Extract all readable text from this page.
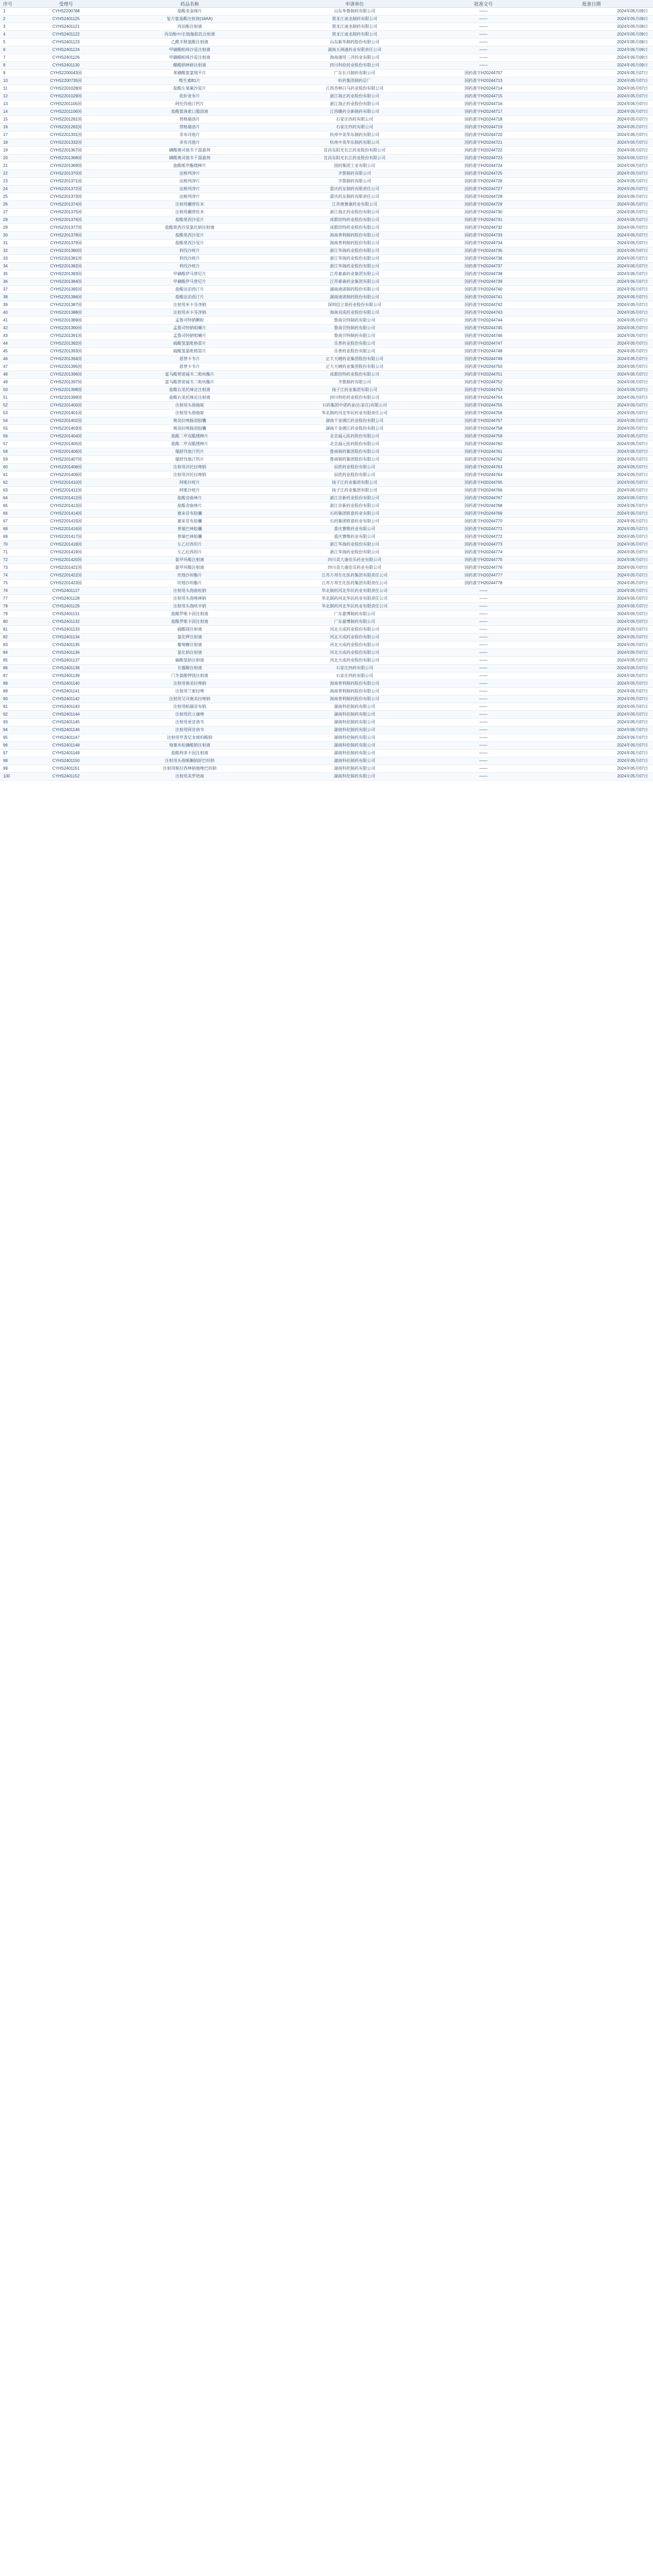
序号	受理号	药品名称	申请单位	批准文号	批准日期
1	CYHS2200788	盐酸美金刚片	山东华鲁制药有限公司	——	2024年05月09日
2	CYHS2401125	复方氨基酸注射液(18AA)	黑龙江迪龙制药有限公司	——	2024年05月09日
3	CYHS2401121	丙泊酚注射液	黑龙江迪龙制药有限公司	——	2024年05月09日
4	CYHS2401122	丙泊酚中/长链脂肪乳注射液	黑龙江迪龙制药有限公司	——	2024年05月09日
5	CYHS2401123	乙酰半胱氨酸注射液	山东新华制药股份有限公司	——	2024年05月09日
6	CYHS2401124	甲磺酸帕珠沙星注射液	湖南五洲通药业有限责任公司	——	2024年05月09日
7	CYHS2401126	甲磺酸帕珠沙星注射液	海南通用三洋药业有限公司	——	2024年05月09日
8	CYHS2401130	醋酸钠林格注射液	四川科伦药业股份有限公司	——	2024年05月09日
9	CYHS2200043国	苯磺酸氨氯地平片	广东长兴制药有限公司	国药准字H20244707	2024年05月07日
10	CYHS2200735国	维生素B1片	哈药集团制药总厂	国药准字H20244713	2024年05月07日
11	CYHS2201028国	盐酸左氧氟沙星片	江西杏林白马药业股份有限公司	国药准字H20244714	2024年05月07日
12	CYHS2201029国	依折麦布片	浙江海正药业股份有限公司	国药准字H20244715	2024年05月07日
13	CYHS2201105国	阿托伐他汀钙片	浙江海正药业股份有限公司	国药准字H20244716	2024年05月07日
14	CYHS2201106国	盐酸氨溴索口服溶液	江西赣药全新制药有限公司	国药准字H20244717	2024年05月07日
15	CYHS2201281国	替格瑞洛片	石家庄四药有限公司	国药准字H20244718	2024年05月07日
16	CYHS2201282国	替格瑞洛片	石家庄四药有限公司	国药准字H20244719	2024年05月07日
17	CYHS2201331国	非布司他片	杭州中美华东制药有限公司	国药准字H20244720	2024年05月07日
18	CYHS2201332国	非布司他片	杭州中美华东制药有限公司	国药准字H20244721	2024年05月07日
19	CYHS2201367国	磷酸奥司他韦干混悬剂	宜昌东阳光长江药业股份有限公司	国药准字H20244722	2024年05月07日
20	CYHS2201368国	磷酸奥司他韦干混悬剂	宜昌东阳光长江药业股份有限公司	国药准字H20244723	2024年05月07日
21	CYHS2201369国	盐酸哌甲酯缓释片	国药集团工业有限公司	国药准字H20244724	2024年05月07日
22	CYHS2201370国	达格列净片	齐鲁制药有限公司	国药准字H20244725	2024年05月07日
23	CYHS2201371国	达格列净片	齐鲁制药有限公司	国药准字H20244726	2024年05月07日
24	CYHS2201372国	达格列净片	重庆药友制药有限责任公司	国药准字H20244727	2024年05月07日
25	CYHS2201373国	达格列净片	重庆药友制药有限责任公司	国药准字H20244728	2024年05月07日
26	CYHS2201374国	注射用硼替佐米	江苏奥赛康药业有限公司	国药准字H20244729	2024年05月07日
27	CYHS2201375国	注射用硼替佐米	浙江海正药业股份有限公司	国药准字H20244730	2024年05月07日
28	CYHS2201376国	盐酸莫西沙星片	成都倍特药业股份有限公司	国药准字H20244731	2024年05月07日
29	CYHS2201377国	盐酸莫西沙星氯化钠注射液	成都倍特药业股份有限公司	国药准字H20244732	2024年05月07日
30	CYHS2201378国	盐酸莫西沙星片	海南普利制药股份有限公司	国药准字H20244733	2024年05月07日
31	CYHS2201379国	盐酸莫西沙星片	海南普利制药股份有限公司	国药准字H20244734	2024年05月07日
32	CYHS2201380国	利伐沙班片	浙江华海药业股份有限公司	国药准字H20244735	2024年05月07日
33	CYHS2201381国	利伐沙班片	浙江华海药业股份有限公司	国药准字H20244736	2024年05月07日
34	CYHS2201382国	利伐沙班片	浙江华海药业股份有限公司	国药准字H20244737	2024年05月07日
35	CYHS2201383国	甲磺酸伊马替尼片	江苏豪森药业集团有限公司	国药准字H20244738	2024年05月07日
36	CYHS2201384国	甲磺酸伊马替尼片	江苏豪森药业集团有限公司	国药准字H20244739	2024年05月07日
37	CYHS2201385国	盐酸达泊西汀片	湖南迪诺制药股份有限公司	国药准字H20244740	2024年05月07日
38	CYHS2201386国	盐酸达泊西汀片	湖南迪诺制药股份有限公司	国药准字H20244741	2024年05月07日
39	CYHS2201387国	注射用米卡芬净钠	深圳信立泰药业股份有限公司	国药准字H20244742	2024年05月07日
40	CYHS2201388国	注射用米卡芬净钠	海南双成药业股份有限公司	国药准字H20244743	2024年05月07日
41	CYHS2201389国	孟鲁司特钠颗粒	鲁南贝特制药有限公司	国药准字H20244744	2024年05月07日
42	CYHS2201390国	孟鲁司特钠咀嚼片	鲁南贝特制药有限公司	国药准字H20244745	2024年05月07日
43	CYHS2201391国	孟鲁司特钠咀嚼片	鲁南贝特制药有限公司	国药准字H20244746	2024年05月07日
44	CYHS2201392国	硫酸氢氯吡格雷片	乐普药业股份有限公司	国药准字H20244747	2024年05月07日
45	CYHS2201393国	硫酸氢氯吡格雷片	乐普药业股份有限公司	国药准字H20244748	2024年05月07日
46	CYHS2201394国	恩替卡韦片	正大天晴药业集团股份有限公司	国药准字H20244749	2024年05月07日
47	CYHS2201395国	恩替卡韦片	正大天晴药业集团股份有限公司	国药准字H20244750	2024年05月07日
48	CYHS2201396国	富马酸替诺福韦二吡呋酯片	成都倍特药业股份有限公司	国药准字H20244751	2024年05月07日
49	CYHS2201397国	富马酸替诺福韦二吡呋酯片	齐鲁制药有限公司	国药准字H20244752	2024年05月07日
50	CYHS2201398国	盐酸右美托咪定注射液	扬子江药业集团有限公司	国药准字H20244753	2024年05月07日
51	CYHS2201399国	盐酸右美托咪定注射液	四川科伦药业股份有限公司	国药准字H20244754	2024年05月07日
52	CYHS2201400国	注射用头孢他啶	石药集团中诺药业(石家庄)有限公司	国药准字H20244755	2024年05月07日
53	CYHS2201401国	注射用头孢他啶	华北制药河北华民药业有限责任公司	国药准字H20244756	2024年05月07日
54	CYHS2201402国	奥美拉唑肠溶胶囊	湖南千金湘江药业股份有限公司	国药准字H20244757	2024年05月07日
55	CYHS2201403国	奥美拉唑肠溶胶囊	湖南千金湘江药业股份有限公司	国药准字H20244758	2024年05月07日
56	CYHS2201404国	盐酸二甲双胍缓释片	北京福元医药股份有限公司	国药准字H20244759	2024年05月07日
57	CYHS2201405国	盐酸二甲双胍缓释片	北京福元医药股份有限公司	国药准字H20244760	2024年05月07日
58	CYHS2201406国	瑞舒伐他汀钙片	鲁南制药集团股份有限公司	国药准字H20244761	2024年05月07日
59	CYHS2201407国	瑞舒伐他汀钙片	鲁南制药集团股份有限公司	国药准字H20244762	2024年05月07日
60	CYHS2201408国	注射用泮托拉唑钠	辰欣药业股份有限公司	国药准字H20244763	2024年05月07日
61	CYHS2201409国	注射用泮托拉唑钠	辰欣药业股份有限公司	国药准字H20244764	2024年05月07日
62	CYHS2201410国	阿哌沙班片	扬子江药业集团有限公司	国药准字H20244765	2024年05月07日
63	CYHS2201411国	阿哌沙班片	扬子江药业集团有限公司	国药准字H20244766	2024年05月07日
64	CYHS2201412国	盐酸舍曲林片	浙江京新药业股份有限公司	国药准字H20244767	2024年05月07日
65	CYHS2201413国	盐酸舍曲林片	浙江京新药业股份有限公司	国药准字H20244768	2024年05月07日
66	CYHS2201414国	塞来昔布胶囊	石药集团欧意药业有限公司	国药准字H20244769	2024年05月07日
67	CYHS2201415国	塞来昔布胶囊	石药集团欧意药业有限公司	国药准字H20244770	2024年05月07日
68	CYHS2201416国	普瑞巴林胶囊	重庆赛维药业有限公司	国药准字H20244771	2024年05月07日
69	CYHS2201417国	普瑞巴林胶囊	重庆赛维药业有限公司	国药准字H20244772	2024年05月07日
70	CYHS2201418国	左乙拉西坦片	浙江华海药业股份有限公司	国药准字H20244773	2024年05月07日
71	CYHS2201419国	左乙拉西坦片	浙江华海药业股份有限公司	国药准字H20244774	2024年05月07日
72	CYHS2201420国	氨甲环酸注射液	四川美大康佳乐药业有限公司	国药准字H20244775	2024年05月07日
73	CYHS2201421国	氨甲环酸注射液	四川美大康佳乐药业有限公司	国药准字H20244776	2024年05月07日
74	CYHS2201422国	坎地沙坦酯片	江苏万邦生化医药集团有限责任公司	国药准字H20244777	2024年05月07日
75	CYHS2201423国	坎地沙坦酯片	江苏万邦生化医药集团有限责任公司	国药准字H20244778	2024年05月07日
76	CYHS2401127	注射用头孢曲松钠	华北制药河北华民药业有限责任公司	——	2024年05月07日
77	CYHS2401128	注射用头孢唑林钠	华北制药河北华民药业有限责任公司	——	2024年05月07日
78	CYHS2401129	注射用头孢呋辛钠	华北制药河北华民药业有限责任公司	——	2024年05月07日
79	CYHS2401131	盐酸罗哌卡因注射液	广东嘉博制药有限公司	——	2024年05月07日
80	CYHS2401132	盐酸罗哌卡因注射液	广东嘉博制药有限公司	——	2024年05月07日
81	CYHS2401133	硫酸镁注射液	河北天成药业股份有限公司	——	2024年05月07日
82	CYHS2401134	氯化钾注射液	河北天成药业股份有限公司	——	2024年05月07日
83	CYHS2401135	葡萄糖注射液	河北天成药业股份有限公司	——	2024年05月07日
84	CYHS2401136	氯化钠注射液	河北天成药业股份有限公司	——	2024年05月07日
85	CYHS2401137	碳酸氢钠注射液	河北天成药业股份有限公司	——	2024年05月07日
86	CYHS2401138	甘露醇注射液	石家庄四药有限公司	——	2024年05月07日
87	CYHS2401139	门冬氨酸钾镁注射液	石家庄四药有限公司	——	2024年05月07日
88	CYHS2401140	注射用奥美拉唑钠	海南普利制药股份有限公司	——	2024年05月07日
89	CYHS2401141	注射用兰索拉唑	海南普利制药股份有限公司	——	2024年05月07日
90	CYHS2401142	注射用艾司奥美拉唑钠	海南普利制药股份有限公司	——	2024年05月07日
91	CYHS2401143	注射用帕瑞昔布钠	湖南科伦制药有限公司	——	2024年05月07日
92	CYHS2401144	注射用伏立康唑	湖南科伦制药有限公司	——	2024年05月07日
93	CYHS2401145	注射用更昔洛韦	湖南科伦制药有限公司	——	2024年05月07日
94	CYHS2401146	注射用阿昔洛韦	湖南科伦制药有限公司	——	2024年05月07日
95	CYHS2401147	注射用甲泼尼龙琥珀酸钠	湖南科伦制药有限公司	——	2024年05月07日
96	CYHS2401148	地塞米松磷酸钠注射液	湖南科伦制药有限公司	——	2024年05月07日
97	CYHS2401149	盐酸利多卡因注射液	湖南科伦制药有限公司	——	2024年05月07日
98	CYHS2401150	注射用头孢哌酮钠舒巴坦钠	湖南科伦制药有限公司	——	2024年05月07日
99	CYHS2401151	注射用哌拉西林钠他唑巴坦钠	湖南科伦制药有限公司	——	2024年05月07日
100	CYHS2401152	注射用美罗培南	湖南科伦制药有限公司	——	2024年05月07日
